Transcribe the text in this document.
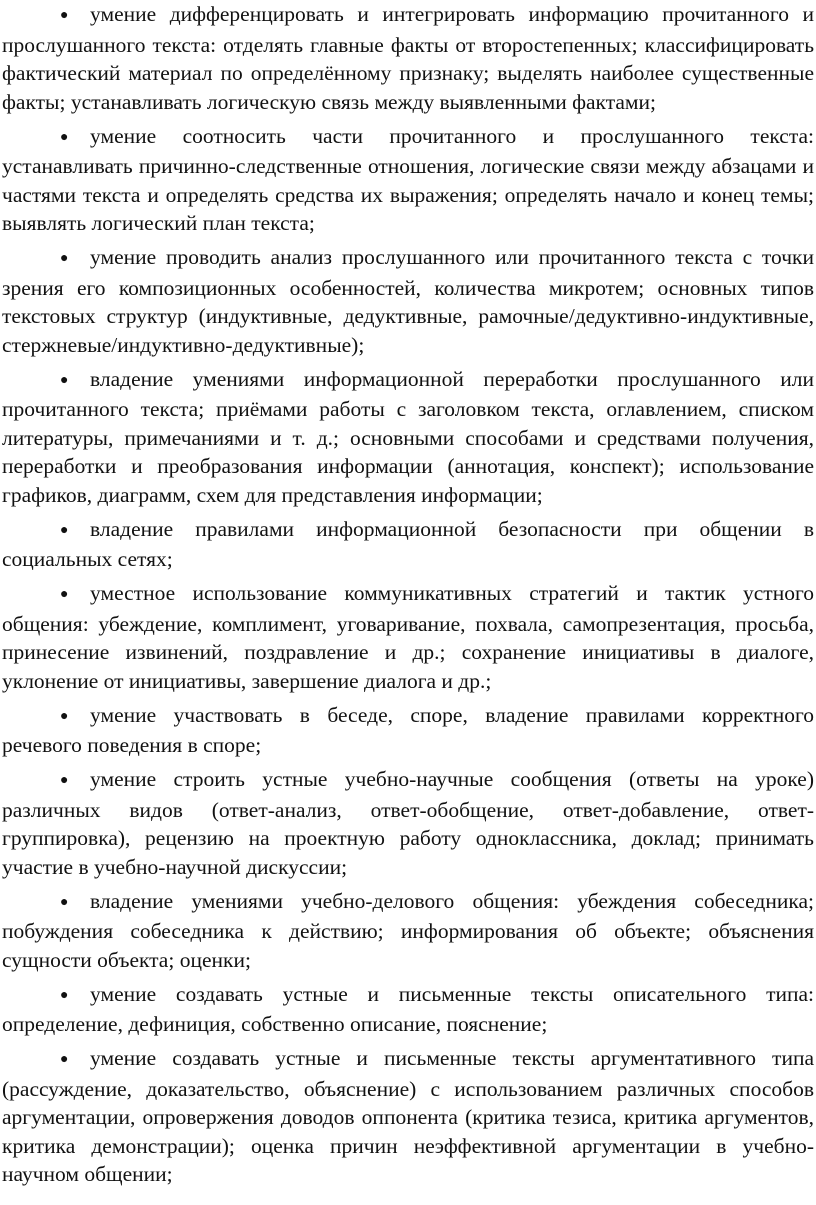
● умение дифференцировать и интегрировать информацию прочитанного и прослушанного текста: отделять главные факты от второстепенных; классифицировать фактический материал по определённому признаку; выделять наиболее существенные факты; устанавливать логическую связь между выявленными фактами;

● умение соотносить части прочитанного и прослушанного текста: устанавливать причинно-следственные отношения, логические связи между абзацами и частями текста и определять средства их выражения; определять начало и конец темы; выявлять логический план текста;

● умение проводить анализ прослушанного или прочитанного текста с точки зрения его композиционных особенностей, количества микротем; основных типов текстовых структур (индуктивные, дедуктивные, рамочные/дедуктивно-индуктивные, стержневые/индуктивно-дедуктивные);

● владение умениями информационной переработки прослушанного или прочитанного текста; приёмами работы с заголовком текста, оглавлением, списком литературы, примечаниями и т. д.; основными способами и средствами получения, переработки и преобразования информации (аннотация, конспект); использование графиков, диаграмм, схем для представления информации;

● владение правилами информационной безопасности при общении в социальных сетях;

● уместное использование коммуникативных стратегий и тактик устного общения: убеждение, комплимент, уговаривание, похвала, самопрезентация, просьба, принесение извинений, поздравление и др.; сохранение инициативы в диалоге, уклонение от инициативы, завершение диалога и др.;

● умение участвовать в беседе, споре, владение правилами корректного речевого поведения в споре;

● умение строить устные учебно-научные сообщения (ответы на уроке) различных видов (ответ-анализ, ответ-обобщение, ответ-добавление, ответ-группировка), рецензию на проектную работу одноклассника, доклад; принимать участие в учебно-научной дискуссии;

● владение умениями учебно-делового общения: убеждения собеседника; побуждения собеседника к действию; информирования об объекте; объяснения сущности объекта; оценки;

● умение создавать устные и письменные тексты описательного типа: определение, дефиниция, собственно описание, пояснение;

● умение создавать устные и письменные тексты аргументативного типа (рассуждение, доказательство, объяснение) с использованием различных способов аргументации, опровержения доводов оппонента (критика тезиса, критика аргументов, критика демонстрации); оценка причин неэффективной аргументации в учебно-научном общении;
